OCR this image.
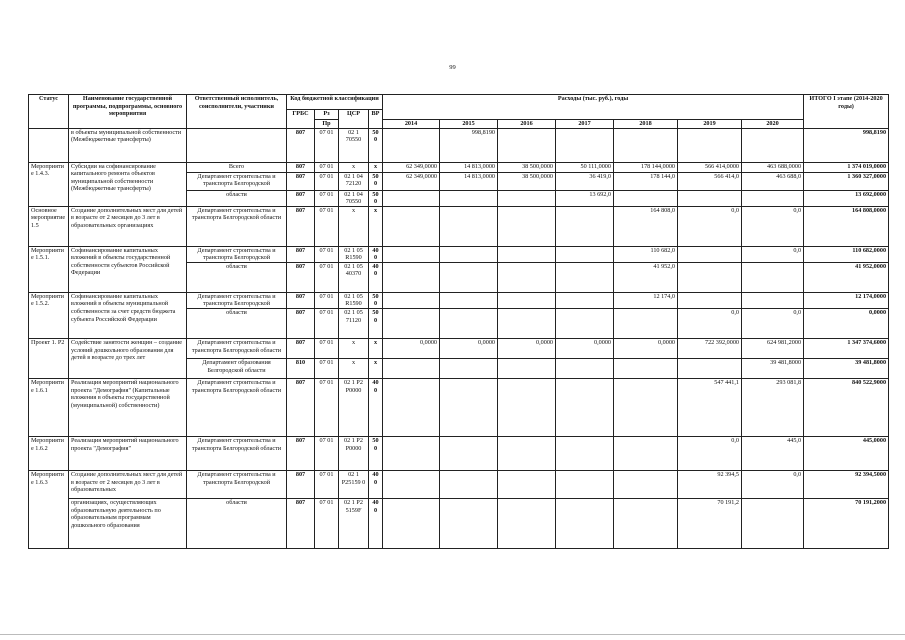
99
Статус	Наименование государственной программы, подпрограммы, основного мероприятия	Ответственный исполнитель, соисполнители, участники	Код бюджетной классификации				Расходы (тыс. руб.), годы							ИТОГО I этапе (2014-2020 годы)
			ГРБС	Рз	ЦСР	ВР								
				Пр			2014	2015	2016	2017	2018	2019	2020	
	в объекты муниципальной собственности (Межбюджетные трансферты)		807	07 01	02 1 70550	500		998,8190						998,8190
Мероприятие 1.4.3.	Субсидии на софинансирование капитального ремонта объектов муниципальной собственности (Межбюджетные трансферты)	Всего	807	07 01	x	x	62 349,0000	14 813,0000	38 500,0000	50 111,0000	178 144,0000	566 414,0000	463 688,0000	1 374 019,0000
		Департамент строительства и транспорта Белгородской	807	07 01	02 1 04 72120	500	62 349,0000	14 813,0000	38 500,0000	36 419,0	178 144,0	566 414,0	463 688,0	1 360 327,0000
		области	807	07 01	02 1 04 70550	500				13 692,0				13 692,0000
Основное мероприятие 1.5	Создание дополнительных мест для детей в возрасте от 2 месяцев до 3 лет в образовательных организациях	Департамент строительства и транспорта Белгородской области	807	07 01	x	x					164 808,0	0,0	0,0	164 808,0000
Мероприятие 1.5.1.	Софинансирование капитальных вложений в объекты государственной собственности субъектов Российской Федерации	Департамент строительства и транспорта Белгородской	807	07 01	02 1 05 R1590	400					110 682,0		0,0	110 682,0000
		области	807	07 01	02 1 05 40370	400					41 952,0			41 952,0000
Мероприятие 1.5.2.	Софинансирование капитальных вложений в объекты муниципальной собственности за счет средств бюджета субъекта Российской Федерации	Департамент строительства и транспорта Белгородской	807	07 01	02 1 05 R1590	500					12 174,0			12 174,0000
		области	807	07 01	02 1 05 71120	500						0,0	0,0	0,0000
Проект 1. Р2	Содействие занятости женщин – создание условий дошкольного образования для детей в возрасте до трех лет	Департамент строительства и транспорта Белгородской области	807	07 01	x	x	0,0000	0,0000	0,0000	0,0000	0,0000	722 392,0000	624 981,2000	1 347 374,6000
		Департамент образования Белгородской области	810	07 01	x	x							39 481,8000	39 481,8000
Мероприятие 1.6.1	Реализация мероприятий национального проекта "Демография" (Капитальные вложения в объекты государственной (муниципальной) собственности)	Департамент строительства и транспорта Белгородской области	807	07 01	02 1 P2 P0000	400						547 441,1	293 081,8	840 522,9000
Мероприятие 1.6.2	Реализация мероприятий национального проекта "Демография"	Департамент строительства и транспорта Белгородской области	807	07 01	02 1 P2 P0000	500						0,0	445,0	445,0000
Мероприятие 1.6.3	Создание дополнительных мест для детей в возрасте от 2 месяцев до 3 лет в образовательных	Департамент строительства и транспорта Белгородской	807	07 01	02 1 P25159 0	400						92 394,5	0,0	92 394,5000
	организациях, осуществляющих образовательную деятельность по образовательным программам дошкольного образования	области	807	07 01	02 1 P2 5159F	400						70 191,2		70 191,2000
